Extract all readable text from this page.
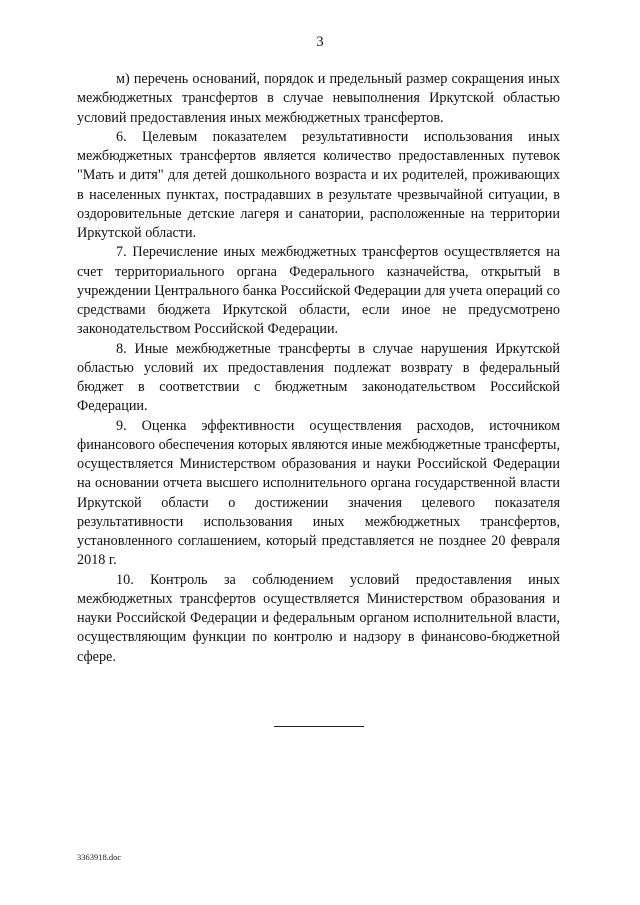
3

м) перечень оснований, порядок и предельный размер сокращения иных межбюджетных трансфертов в случае невыполнения Иркутской областью условий предоставления иных межбюджетных трансфертов.

6. Целевым показателем результативности использования иных межбюджетных трансфертов является количество предоставленных путевок "Мать и дитя" для детей дошкольного возраста и их родителей, проживающих в населенных пунктах, пострадавших в результате чрезвычайной ситуации, в оздоровительные детские лагеря и санатории, расположенные на территории Иркутской области.

7. Перечисление иных межбюджетных трансфертов осуществляется на счет территориального органа Федерального казначейства, открытый в учреждении Центрального банка Российской Федерации для учета операций со средствами бюджета Иркутской области, если иное не предусмотрено законодательством Российской Федерации.

8. Иные межбюджетные трансферты в случае нарушения Иркутской областью условий их предоставления подлежат возврату в федеральный бюджет в соответствии с бюджетным законодательством Российской Федерации.

9. Оценка эффективности осуществления расходов, источником финансового обеспечения которых являются иные межбюджетные трансферты, осуществляется Министерством образования и науки Российской Федерации на основании отчета высшего исполнительного органа государственной власти Иркутской области о достижении значения целевого показателя результативности использования иных межбюджетных трансфертов, установленного соглашением, который представляется не позднее 20 февраля 2018 г.

10. Контроль за соблюдением условий предоставления иных межбюджетных трансфертов осуществляется Министерством образования и науки Российской Федерации и федеральным органом исполнительной власти, осуществляющим функции по контролю и надзору в финансово-бюджетной сфере.

3363918.doc
